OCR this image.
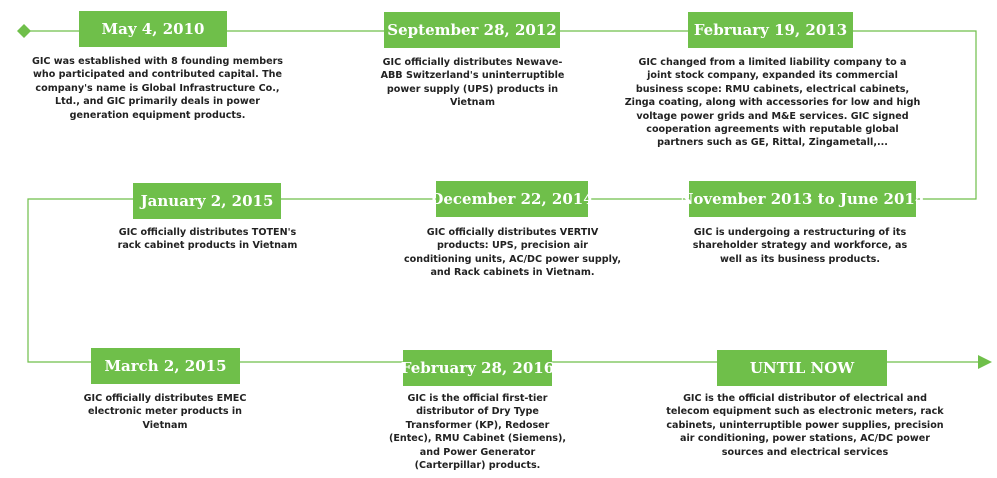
May 4, 2010
GIC was established with 8 founding members
who participated and contributed capital. The
company's name is Global Infrastructure Co.,
Ltd., and GIC primarily deals in power
generation equipment products.
September 28, 2012
GIC officially distributes Newave-
ABB Switzerland's uninterruptible
power supply (UPS) products in
Vietnam
February 19, 2013
GIC changed from a limited liability company to a
joint stock company, expanded its commercial
business scope: RMU cabinets, electrical cabinets,
Zinga coating, along with accessories for low and high
voltage power grids and M&E services. GIC signed
cooperation agreements with reputable global
partners such as GE, Rittal, Zingametall,...
January 2, 2015
GIC officially distributes TOTEN's
rack cabinet products in Vietnam
December 22, 2014
GIC officially distributes VERTIV
products: UPS, precision air
conditioning units, AC/DC power supply,
and Rack cabinets in Vietnam.
November 2013 to June 2014
GIC is undergoing a restructuring of its
shareholder strategy and workforce, as
well as its business products.
March 2, 2015
GIC officially distributes EMEC
electronic meter products in
Vietnam
February 28, 2016
GIC is the official first-tier
distributor of Dry Type
Transformer (KP), Redoser
(Entec), RMU Cabinet (Siemens),
and Power Generator
(Carterpillar) products.
UNTIL NOW
GIC is the official distributor of electrical and
telecom equipment such as electronic meters, rack
cabinets, uninterruptible power supplies, precision
air conditioning, power stations, AC/DC power
sources and electrical services
